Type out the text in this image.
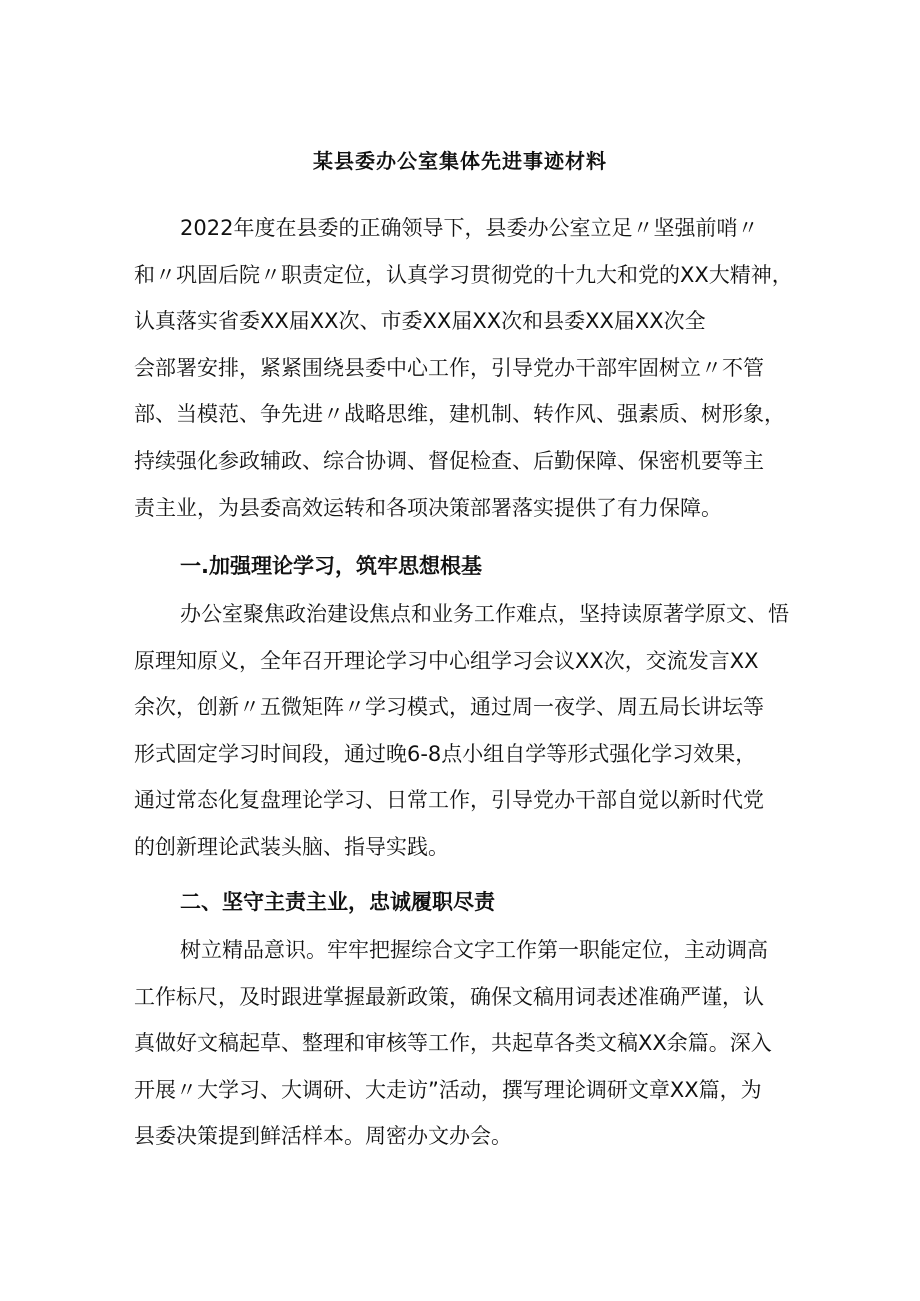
某县委办公室集体先进事迹材料
2022年度在县委的正确领导下，县委办公室立足〃坚强前哨〃
和〃巩固后院〃职责定位，认真学习贯彻党的十九大和党的XX大精神，
认真落实省委XX届XX次、市委XX届XX次和县委XX届XX次全
会部署安排，紧紧围绕县委中心工作，引导党办干部牢固树立〃不管
部、当模范、争先进〃战略思维，建机制、转作风、强素质、树形象，
持续强化参政辅政、综合协调、督促检查、后勤保障、保密机要等主
责主业，为县委高效运转和各项决策部署落实提供了有力保障。
一.加强理论学习，筑牢思想根基
办公室聚焦政治建设焦点和业务工作难点，坚持读原著学原文、悟
原理知原义，全年召开理论学习中心组学习会议XX次，交流发言XX
余次，创新〃五微矩阵〃学习模式，通过周一夜学、周五局长讲坛等
形式固定学习时间段，通过晚6-8点小组自学等形式强化学习效果，
通过常态化复盘理论学习、日常工作，引导党办干部自觉以新时代党
的创新理论武装头脑、指导实践。
二、坚守主责主业，忠诚履职尽责
树立精品意识。牢牢把握综合文字工作第一职能定位，主动调高
工作标尺，及时跟进掌握最新政策，确保文稿用词表述准确严谨，认
真做好文稿起草、整理和审核等工作，共起草各类文稿XX余篇。深入
开展〃大学习、大调研、大走访”活动，撰写理论调研文章XX篇，为
县委决策提到鲜活样本。周密办文办会。
